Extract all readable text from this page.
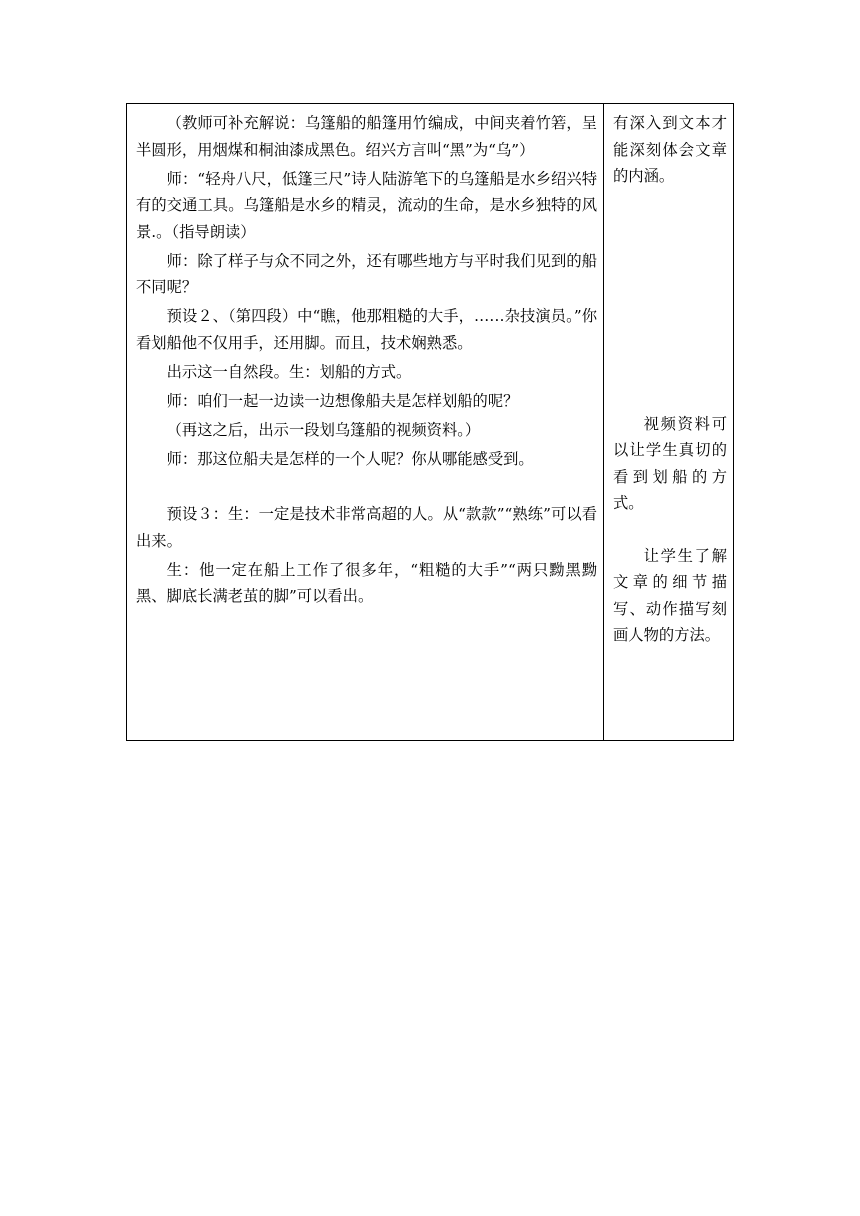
（教师可补充解说：乌篷船的船篷用竹编成，中间夹着竹箬，呈半圆形，用烟煤和桐油漆成黑色。绍兴方言叫“黑”为“乌”）

师：“轻舟八尺，低篷三尺”诗人陆游笔下的乌篷船是水乡绍兴特有的交通工具。乌篷船是水乡的精灵，流动的生命，是水乡独特的风景.。（指导朗读）

师：除了样子与众不同之外，还有哪些地方与平时我们见到的船不同呢？

预设２、（第四段）中“瞧，他那粗糙的大手，……杂技演员。”你看划船他不仅用手，还用脚。而且，技术娴熟悉。

出示这一自然段。生：划船的方式。

师：咱们一起一边读一边想像船夫是怎样划船的呢？

（再这之后，出示一段划乌篷船的视频资料。）

师：那这位船夫是怎样的一个人呢？你从哪能感受到。

预设３：生：一定是技术非常高超的人。从“款款”“熟练”可以看出来。

生：他一定在船上工作了很多年，“粗糙的大手”“两只黝黑黝黑、脚底长满老茧的脚”可以看出。

有深入到文本才能深刻体会文章的内涵。

视频资料可以让学生真切的看到划船的方式。

让学生了解文章的细节描写、动作描写刻画人物的方法。
